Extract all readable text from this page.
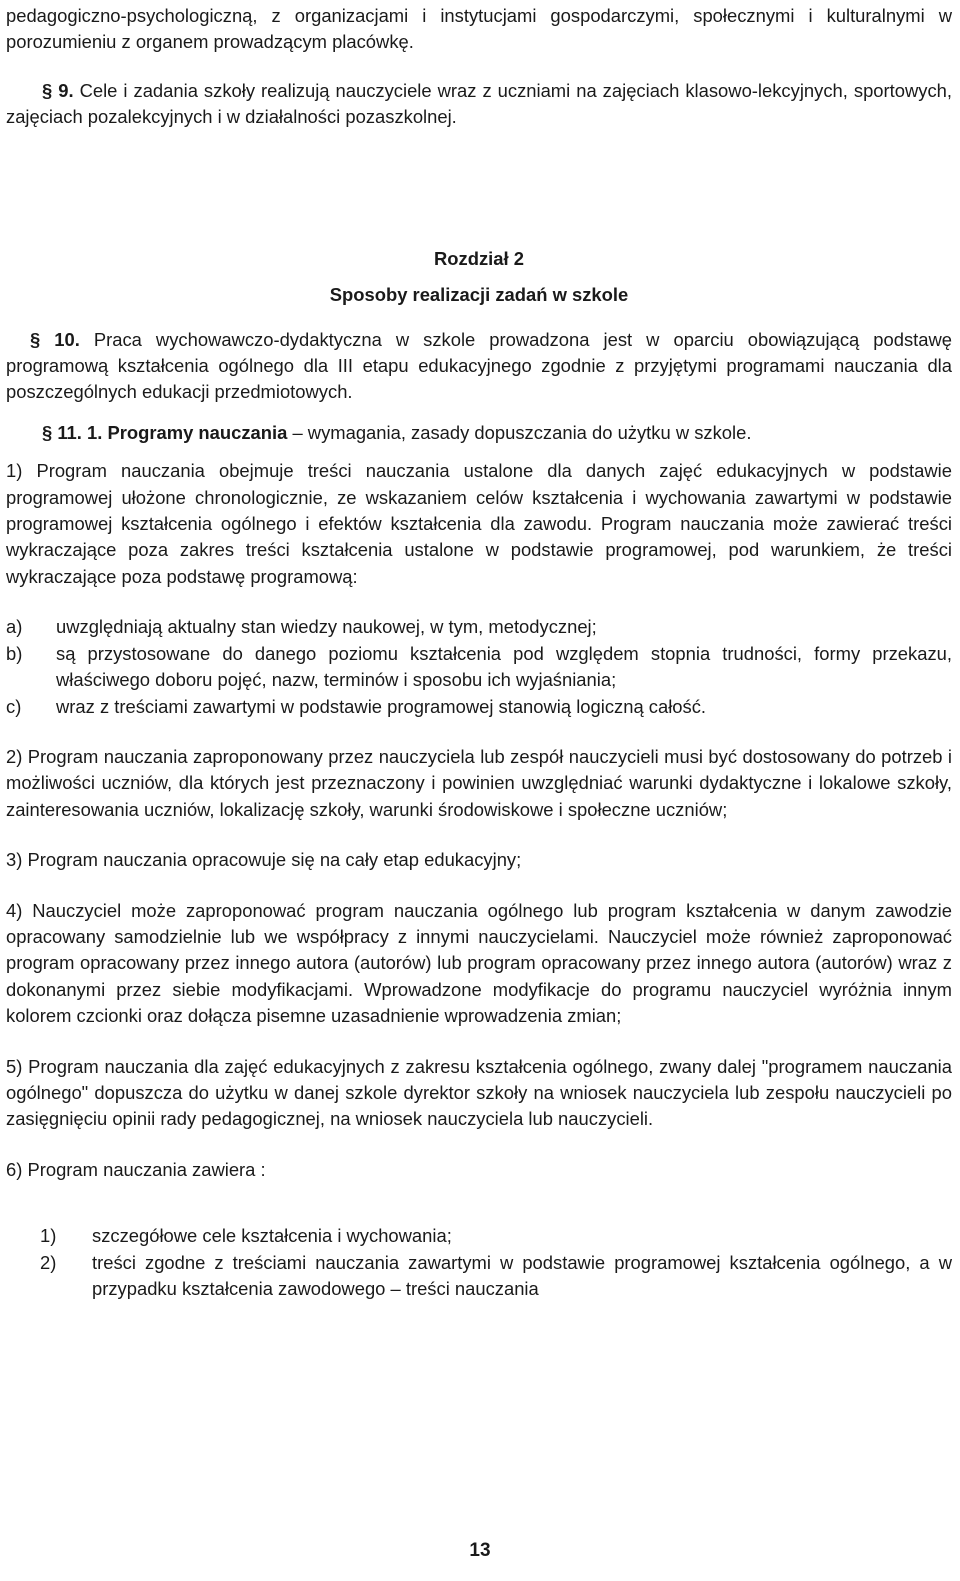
pedagogiczno-psychologiczną, z organizacjami i instytucjami gospodarczymi, społecznymi i kulturalnymi w porozumieniu z organem prowadzącym placówkę.

§ 9. Cele i zadania szkoły realizują nauczyciele wraz z uczniami na zajęciach klasowo-lekcyjnych, sportowych, zajęciach pozalekcyjnych i w działalności pozaszkolnej.

Rozdział 2

Sposoby realizacji zadań w szkole

§ 10. Praca wychowawczo-dydaktyczna w szkole prowadzona jest w oparciu obowiązującą podstawę programową kształcenia ogólnego dla III etapu edukacyjnego zgodnie z przyjętymi programami nauczania dla poszczególnych edukacji przedmiotowych.

§ 11. 1. Programy nauczania – wymagania, zasady dopuszczania do użytku w szkole.

1) Program nauczania obejmuje treści nauczania ustalone dla danych zajęć edukacyjnych w podstawie programowej ułożone chronologicznie, ze wskazaniem celów kształcenia i wychowania zawartymi w podstawie programowej kształcenia ogólnego i efektów kształcenia dla zawodu. Program nauczania może zawierać treści wykraczające poza zakres treści kształcenia ustalone w podstawie programowej, pod warunkiem, że treści wykraczające poza podstawę programową:

a) uwzględniają aktualny stan wiedzy naukowej, w tym, metodycznej;
b) są przystosowane do danego poziomu kształcenia pod względem stopnia trudności, formy przekazu, właściwego doboru pojęć, nazw, terminów i sposobu ich wyjaśniania;
c) wraz z treściami zawartymi w podstawie programowej stanowią logiczną całość.

2) Program nauczania zaproponowany przez nauczyciela lub zespół nauczycieli musi być dostosowany do potrzeb i możliwości uczniów, dla których jest przeznaczony i powinien uwzględniać warunki dydaktyczne i lokalowe szkoły, zainteresowania uczniów, lokalizację szkoły, warunki środowiskowe i społeczne uczniów;

3) Program nauczania opracowuje się na cały etap edukacyjny;

4) Nauczyciel może zaproponować program nauczania ogólnego lub program kształcenia w danym zawodzie opracowany samodzielnie lub we współpracy z innymi nauczycielami. Nauczyciel może również zaproponować program opracowany przez innego autora (autorów) lub program opracowany przez innego autora (autorów) wraz z dokonanymi przez siebie modyfikacjami. Wprowadzone modyfikacje do programu nauczyciel wyróżnia innym kolorem czcionki oraz dołącza pisemne uzasadnienie wprowadzenia zmian;

5) Program nauczania dla zajęć edukacyjnych z zakresu kształcenia ogólnego, zwany dalej "programem nauczania ogólnego" dopuszcza do użytku w danej szkole dyrektor szkoły na wniosek nauczyciela lub zespołu nauczycieli po zasięgnięciu opinii rady pedagogicznej, na wniosek nauczyciela lub nauczycieli.

6) Program nauczania zawiera :

1) szczegółowe cele kształcenia i wychowania;
2) treści zgodne z treściami nauczania zawartymi w podstawie programowej kształcenia ogólnego, a w przypadku kształcenia zawodowego – treści nauczania
13
